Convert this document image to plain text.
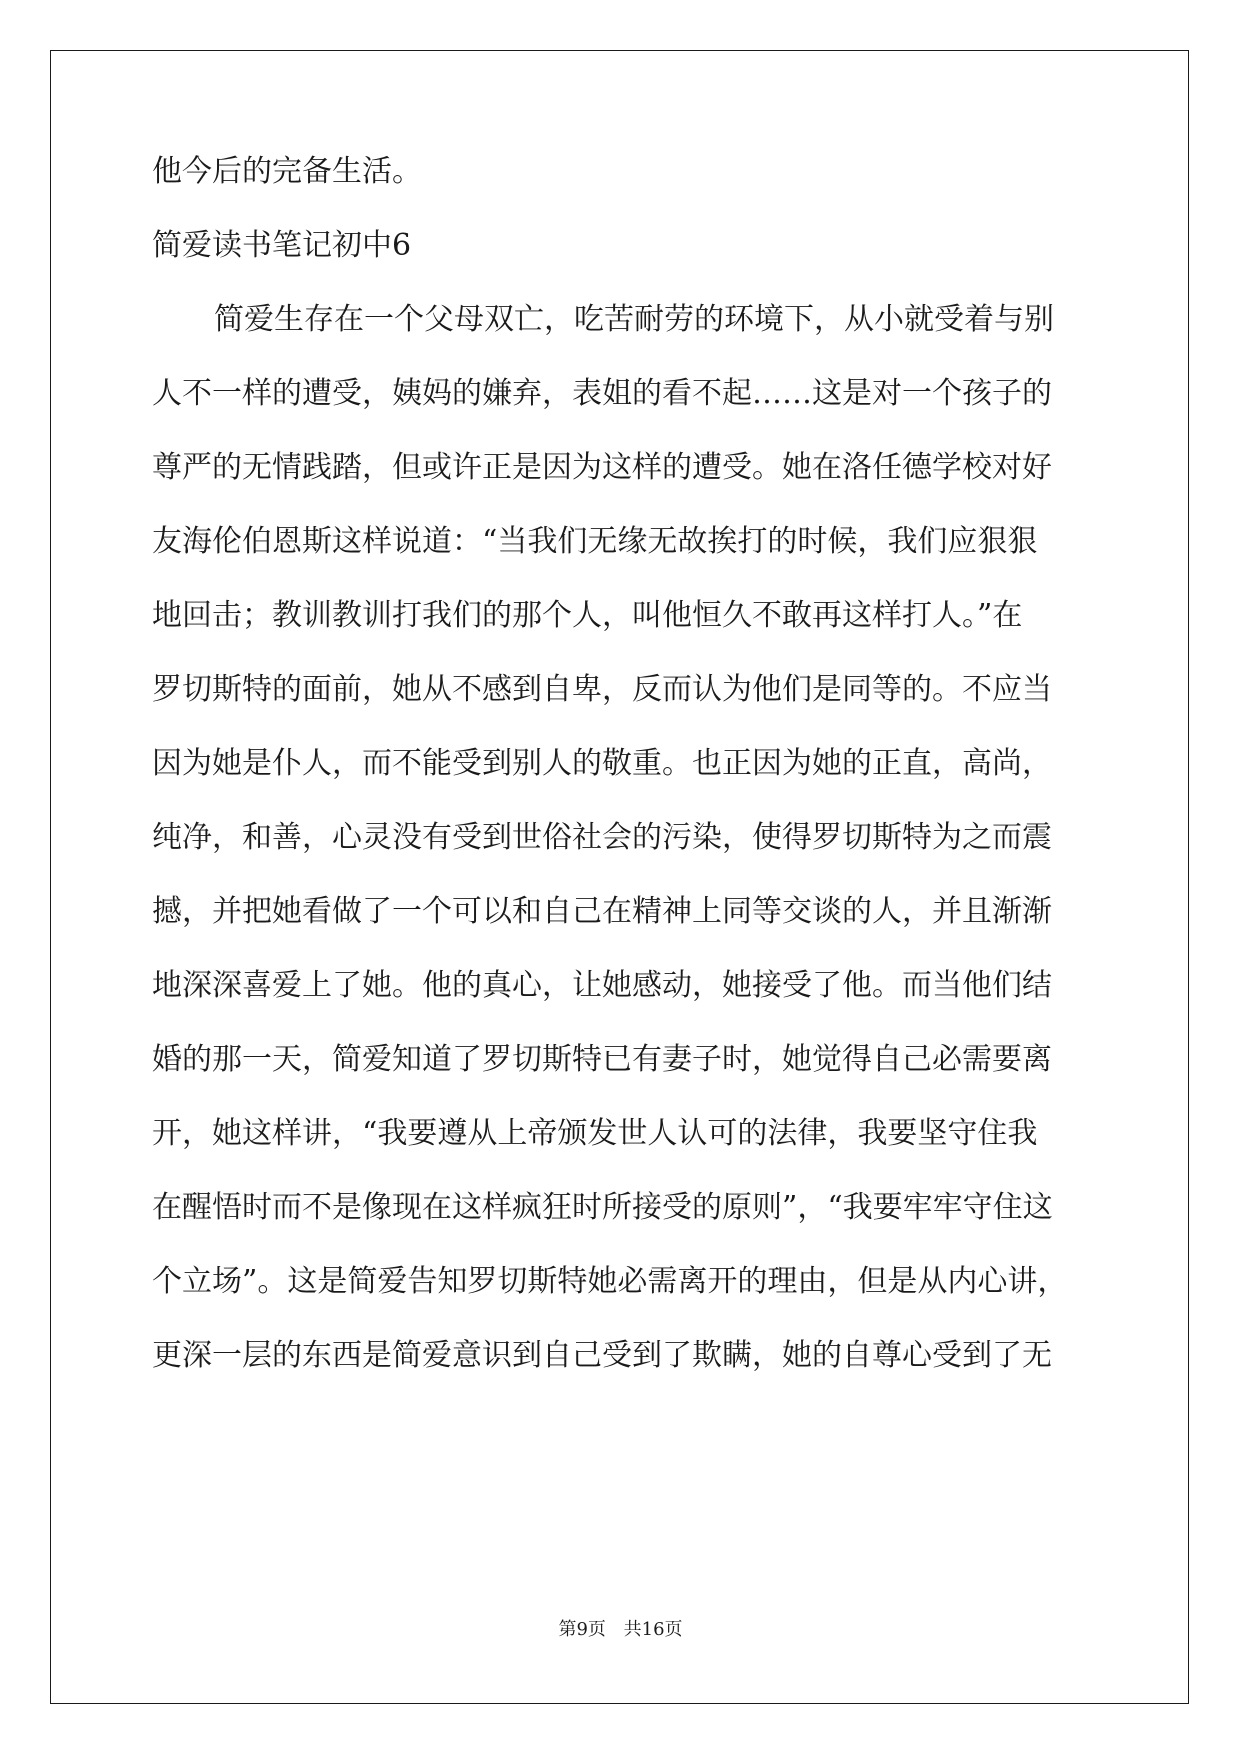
他今后的完备生活。

简爱读书笔记初中6

简爱生存在一个父母双亡，吃苦耐劳的环境下，从小就受着与别

人不一样的遭受，姨妈的嫌弃，表姐的看不起……这是对一个孩子的

尊严的无情践踏，但或许正是因为这样的遭受。她在洛任德学校对好

友海伦伯恩斯这样说道：“当我们无缘无故挨打的时候，我们应狠狠

地回击；教训教训打我们的那个人，叫他恒久不敢再这样打人。”在

罗切斯特的面前，她从不感到自卑，反而认为他们是同等的。不应当

因为她是仆人，而不能受到别人的敬重。也正因为她的正直，高尚，

纯净，和善，心灵没有受到世俗社会的污染，使得罗切斯特为之而震

撼，并把她看做了一个可以和自己在精神上同等交谈的人，并且渐渐

地深深喜爱上了她。他的真心，让她感动，她接受了他。而当他们结

婚的那一天，简爱知道了罗切斯特已有妻子时，她觉得自己必需要离

开，她这样讲，“我要遵从上帝颁发世人认可的法律，我要坚守住我

在醒悟时而不是像现在这样疯狂时所接受的原则”，“我要牢牢守住这

个立场”。这是简爱告知罗切斯特她必需离开的理由，但是从内心讲，

更深一层的东西是简爱意识到自己受到了欺瞒，她的自尊心受到了无

第9页 共16页
